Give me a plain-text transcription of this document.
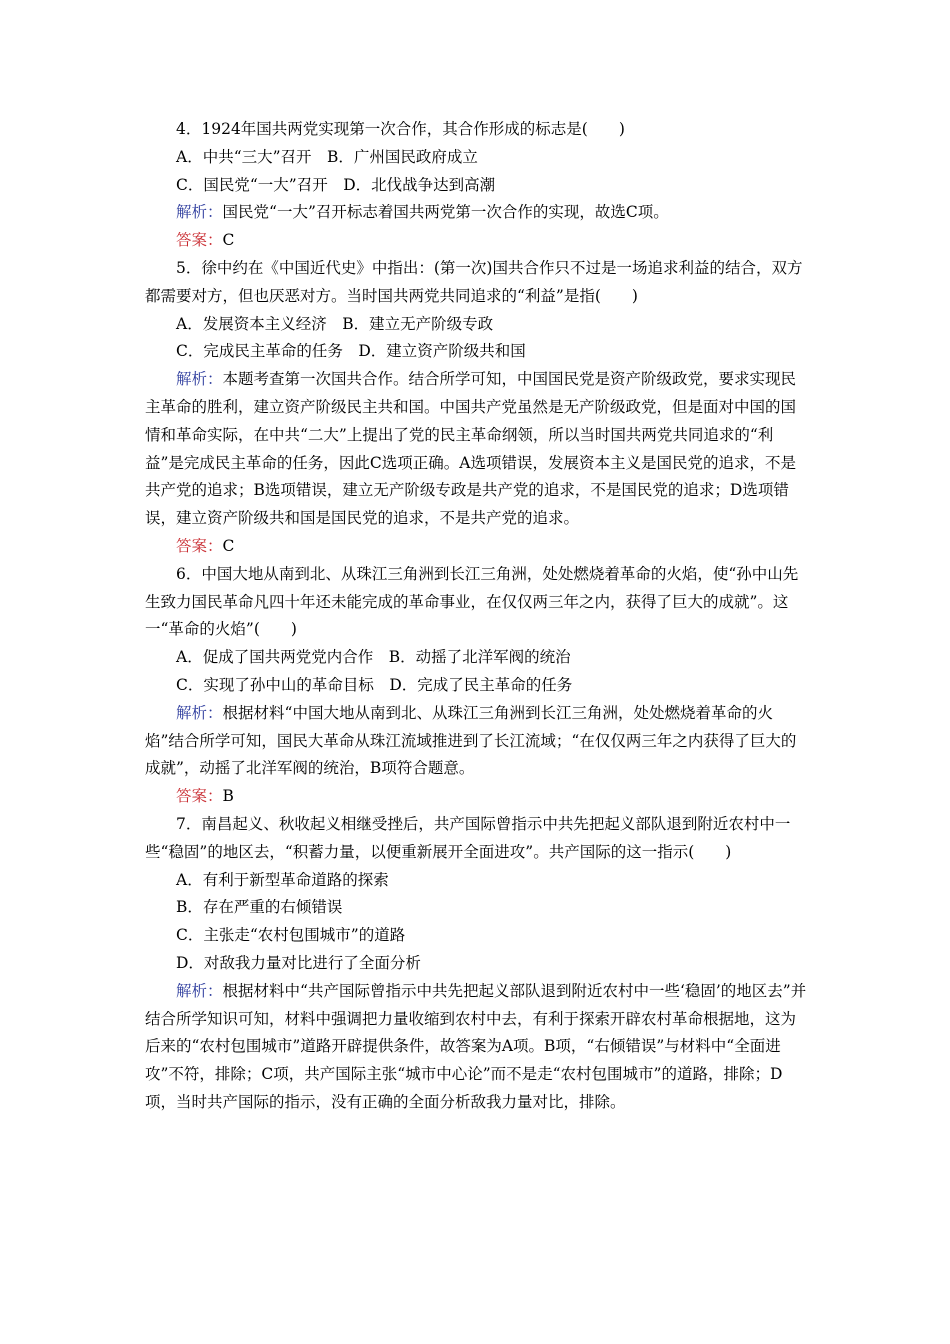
4．1924年国共两党实现第一次合作，其合作形成的标志是(　　)

A．中共“三大”召开　B．广州国民政府成立

C．国民党“一大”召开　D．北伐战争达到高潮

解析：国民党“一大”召开标志着国共两党第一次合作的实现，故选C项。

答案：C

5．徐中约在《中国近代史》中指出：(第一次)国共合作只不过是一场追求利益的结合，双方都需要对方，但也厌恶对方。当时国共两党共同追求的“利益”是指(　　)

A．发展资本主义经济　B．建立无产阶级专政

C．完成民主革命的任务　D．建立资产阶级共和国

解析：本题考查第一次国共合作。结合所学可知，中国国民党是资产阶级政党，要求实现民主革命的胜利，建立资产阶级民主共和国。中国共产党虽然是无产阶级政党，但是面对中国的国情和革命实际，在中共“二大”上提出了党的民主革命纲领，所以当时国共两党共同追求的“利益”是完成民主革命的任务，因此C选项正确。A选项错误，发展资本主义是国民党的追求，不是共产党的追求；B选项错误，建立无产阶级专政是共产党的追求，不是国民党的追求；D选项错误，建立资产阶级共和国是国民党的追求，不是共产党的追求。

答案：C

6．中国大地从南到北、从珠江三角洲到长江三角洲，处处燃烧着革命的火焰，使“孙中山先生致力国民革命凡四十年还未能完成的革命事业，在仅仅两三年之内，获得了巨大的成就”。这一“革命的火焰”(　　)

A．促成了国共两党党内合作　B．动摇了北洋军阀的统治

C．实现了孙中山的革命目标　D．完成了民主革命的任务

解析：根据材料“中国大地从南到北、从珠江三角洲到长江三角洲，处处燃烧着革命的火焰”结合所学可知，国民大革命从珠江流域推进到了长江流域；“在仅仅两三年之内获得了巨大的成就”，动摇了北洋军阀的统治，B项符合题意。

答案：B

7．南昌起义、秋收起义相继受挫后，共产国际曾指示中共先把起义部队退到附近农村中一些“稳固”的地区去，“积蓄力量，以便重新展开全面进攻”。共产国际的这一指示(　　)

A．有利于新型革命道路的探索

B．存在严重的右倾错误

C．主张走“农村包围城市”的道路

D．对敌我力量对比进行了全面分析

解析：根据材料中“共产国际曾指示中共先把起义部队退到附近农村中一些‘稳固’的地区去”并结合所学知识可知，材料中强调把力量收缩到农村中去，有利于探索开辟农村革命根据地，这为后来的“农村包围城市”道路开辟提供条件，故答案为A项。B项，“右倾错误”与材料中“全面进攻”不符，排除；C项，共产国际主张“城市中心论”而不是走“农村包围城市”的道路，排除；D项，当时共产国际的指示，没有正确的全面分析敌我力量对比，排除。
